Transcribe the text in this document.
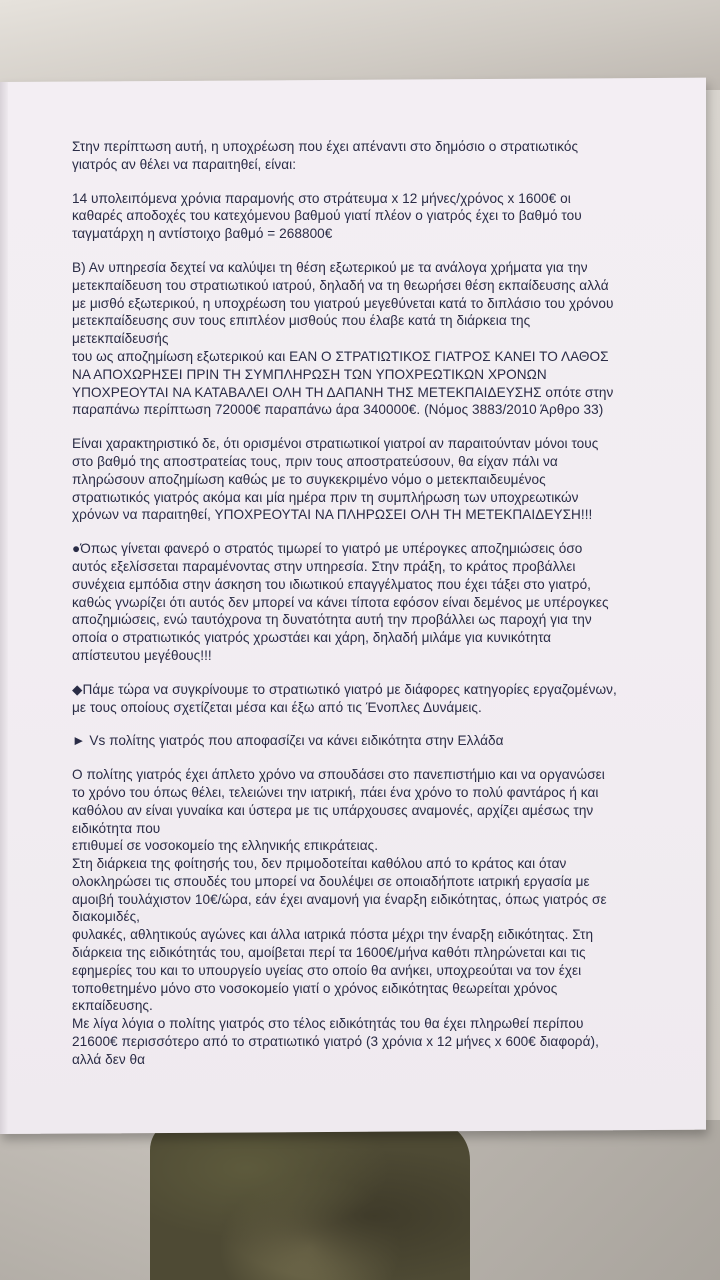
Στην περίπτωση αυτή, η υποχρέωση που έχει απέναντι στο δημόσιο ο στρατιωτικός
γιατρός αν θέλει να παραιτηθεί, είναι:

14 υπολειπόμενα χρόνια παραμονής στο στράτευμα x 12 μήνες/χρόνος x 1600€ οι
καθαρές αποδοχές του κατεχόμενου βαθμού γιατί πλέον ο γιατρός έχει το βαθμό του
ταγματάρχη η αντίστοιχο βαθμό = 268800€

Β) Αν υπηρεσία δεχτεί να καλύψει τη θέση εξωτερικού με τα ανάλογα χρήματα για την
μετεκπαίδευση του στρατιωτικού ιατρού, δηλαδή να τη θεωρήσει θέση εκπαίδευσης αλλά
με μισθό εξωτερικού, η υποχρέωση του γιατρού μεγεθύνεται κατά το διπλάσιο του χρόνου
μετεκπαίδευσης συν τους επιπλέον μισθούς που έλαβε κατά τη διάρκεια της
μετεκπαίδευσής
του ως αποζημίωση εξωτερικού και ΕΑΝ Ο ΣΤΡΑΤΙΩΤΙΚΟΣ ΓΙΑΤΡΟΣ ΚΑΝΕΙ ΤΟ ΛΑΘΟΣ
ΝΑ ΑΠΟΧΩΡΗΣΕΙ ΠΡΙΝ ΤΗ ΣΥΜΠΛΗΡΩΣΗ ΤΩΝ ΥΠΟΧΡΕΩΤΙΚΩΝ ΧΡΟΝΩΝ
ΥΠΟΧΡΕΟΥΤΑΙ ΝΑ ΚΑΤΑΒΑΛΕΙ ΟΛΗ ΤΗ ΔΑΠΑΝΗ ΤΗΣ ΜΕΤΕΚΠΑΙΔΕΥΣΗΣ οπότε στην
παραπάνω περίπτωση 72000€ παραπάνω άρα 340000€. (Νόμος 3883/2010 Άρθρο 33)

Είναι χαρακτηριστικό δε, ότι ορισμένοι στρατιωτικοί γιατροί αν παραιτούνταν μόνοι τους
στο βαθμό της αποστρατείας τους, πριν τους αποστρατεύσουν, θα είχαν πάλι να
πληρώσουν αποζημίωση καθώς με το συγκεκριμένο νόμο ο μετεκπαιδευμένος
στρατιωτικός γιατρός ακόμα και μία ημέρα πριν τη συμπλήρωση των υποχρεωτικών
χρόνων να παραιτηθεί, ΥΠΟΧΡΕΟΥΤΑΙ ΝΑ ΠΛΗΡΩΣΕΙ ΟΛΗ ΤΗ ΜΕΤΕΚΠΑΙΔΕΥΣΗ!!!

●Όπως γίνεται φανερό ο στρατός τιμωρεί το γιατρό με υπέρογκες αποζημιώσεις όσο
αυτός εξελίσσεται παραμένοντας στην υπηρεσία. Στην πράξη, το κράτος προβάλλει
συνέχεια εμπόδια στην άσκηση του ιδιωτικού επαγγέλματος που έχει τάξει στο γιατρό,
καθώς γνωρίζει ότι αυτός δεν μπορεί να κάνει τίποτα εφόσον είναι δεμένος με υπέρογκες
αποζημιώσεις, ενώ ταυτόχρονα τη δυνατότητα αυτή την προβάλλει ως παροχή για την
οποία ο στρατιωτικός γιατρός χρωστάει και χάρη, δηλαδή μιλάμε για κυνικότητα
απίστευτου μεγέθους!!!

◆Πάμε τώρα να συγκρίνουμε το στρατιωτικό γιατρό με διάφορες κατηγορίες εργαζομένων,
με τους οποίους σχετίζεται μέσα και έξω από τις Ένοπλες Δυνάμεις.

► Vs πολίτης γιατρός που αποφασίζει να κάνει ειδικότητα στην Ελλάδα

Ο πολίτης γιατρός έχει άπλετο χρόνο να σπουδάσει στο πανεπιστήμιο και να οργανώσει
το χρόνο του όπως θέλει, τελειώνει την ιατρική, πάει ένα χρόνο το πολύ φαντάρος ή και
καθόλου αν είναι γυναίκα και ύστερα με τις υπάρχουσες αναμονές, αρχίζει αμέσως την
ειδικότητα που
επιθυμεί σε νοσοκομείο της ελληνικής επικράτειας.
Στη διάρκεια της φοίτησής του, δεν πριμοδοτείται καθόλου από το κράτος και όταν
ολοκληρώσει τις σπουδές του μπορεί να δουλέψει σε οποιαδήποτε ιατρική εργασία με
αμοιβή τουλάχιστον 10€/ώρα, εάν έχει αναμονή για έναρξη ειδικότητας, όπως γιατρός σε
διακομιδές,
φυλακές, αθλητικούς αγώνες και άλλα ιατρικά πόστα μέχρι την έναρξη ειδικότητας. Στη
διάρκεια της ειδικότητάς του, αμοίβεται περί τα 1600€/μήνα καθότι πληρώνεται και τις
εφημερίες του και το υπουργείο υγείας στο οποίο θα ανήκει, υποχρεούται να τον έχει
τοποθετημένο μόνο στο νοσοκομείο γιατί ο χρόνος ειδικότητας θεωρείται χρόνος
εκπαίδευσης.
Με λίγα λόγια ο πολίτης γιατρός στο τέλος ειδικότητάς του θα έχει πληρωθεί περίπου
21600€ περισσότερο από το στρατιωτικό γιατρό (3 χρόνια x 12 μήνες x 600€ διαφορά),
αλλά δεν θα
